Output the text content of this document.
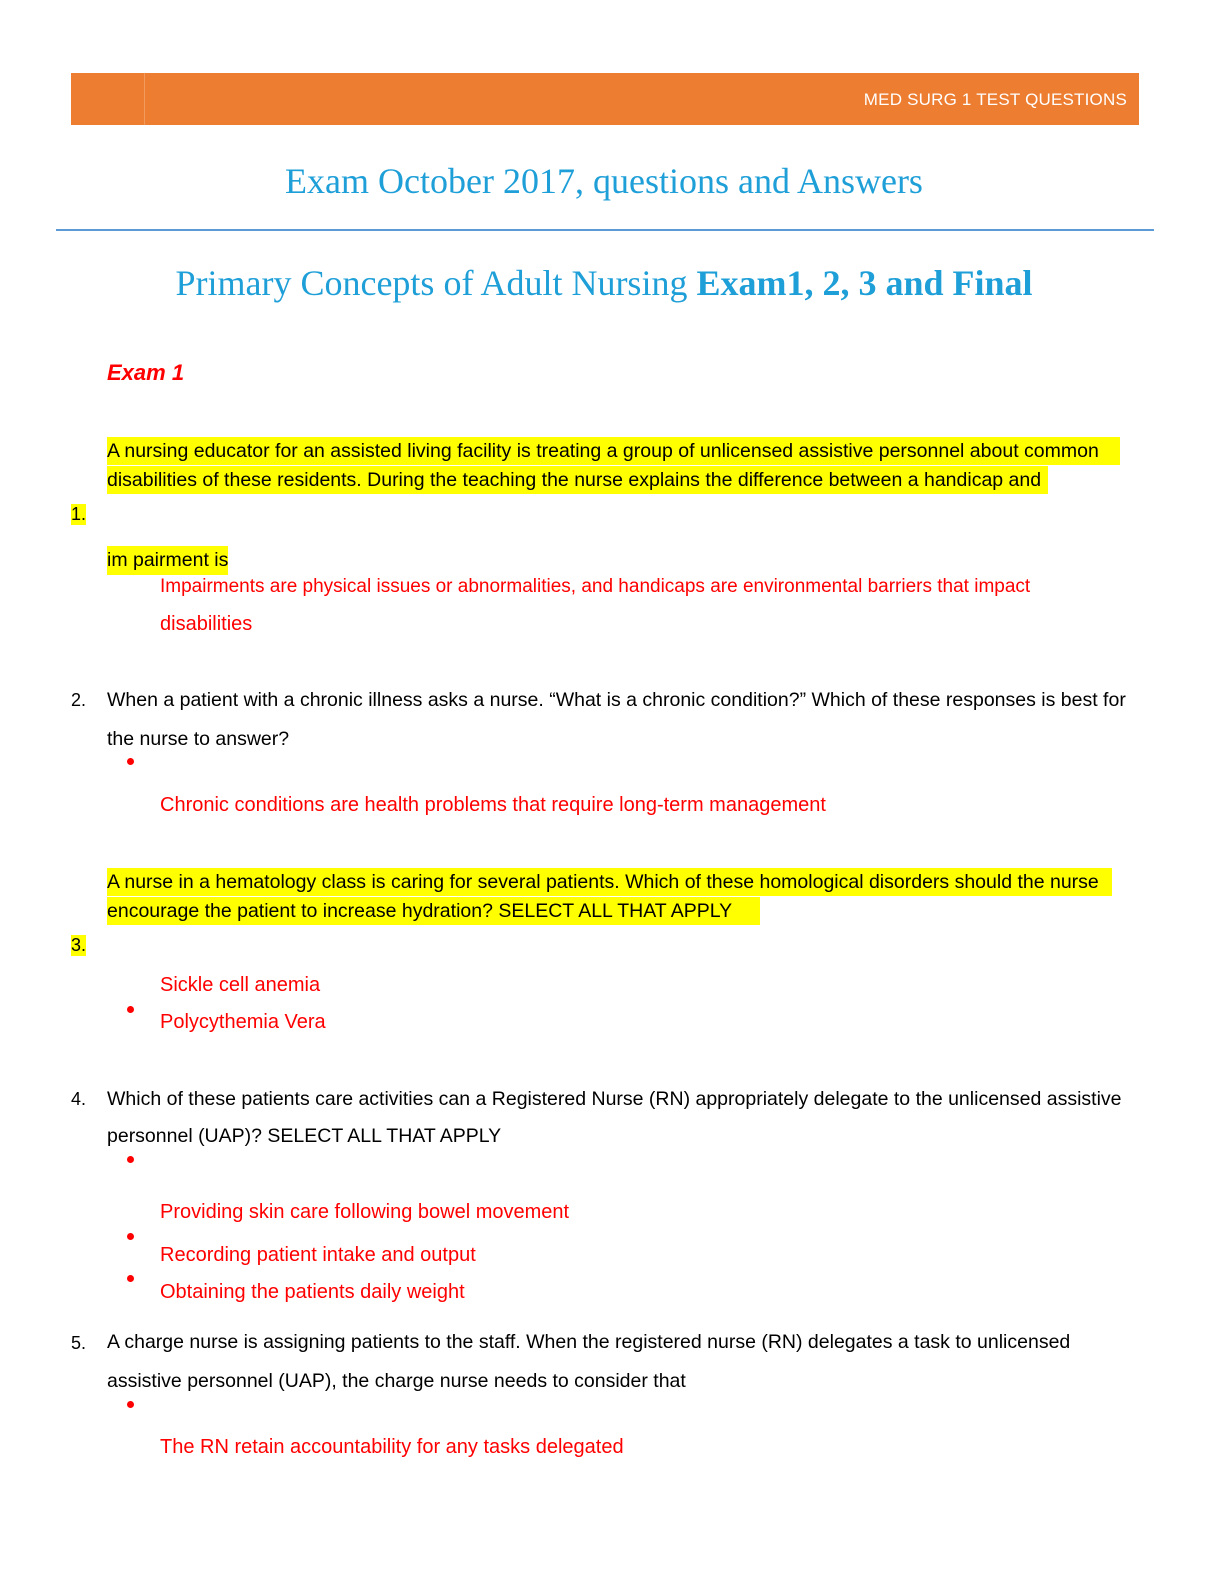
MED SURG 1 TEST QUESTIONS
Exam October 2017, questions and Answers
Primary Concepts of Adult Nursing Exam1, 2, 3 and Final
Exam 1
A nursing educator for an assisted living facility is treating a group of unlicensed assistive personnel about common
disabilities of these residents. During the teaching the nurse explains the difference between a handicap and
1.
im pairment is
Impairments are physical issues or abnormalities, and handicaps are environmental barriers that impact
disabilities
2. When a patient with a chronic illness asks a nurse. “What is a chronic condition?” Which of these responses is best for
the nurse to answer?
Chronic conditions are health problems that require long-term management
A nurse in a hematology class is caring for several patients. Which of these homological disorders should the nurse
encourage the patient to increase hydration? SELECT ALL THAT APPLY
3.
Sickle cell anemia
Polycythemia Vera
4. Which of these patients care activities can a Registered Nurse (RN) appropriately delegate to the unlicensed assistive
personnel (UAP)? SELECT ALL THAT APPLY
Providing skin care following bowel movement
Recording patient intake and output
Obtaining the patients daily weight
5. A charge nurse is assigning patients to the staff. When the registered nurse (RN) delegates a task to unlicensed
assistive personnel (UAP), the charge nurse needs to consider that
The RN retain accountability for any tasks delegated
